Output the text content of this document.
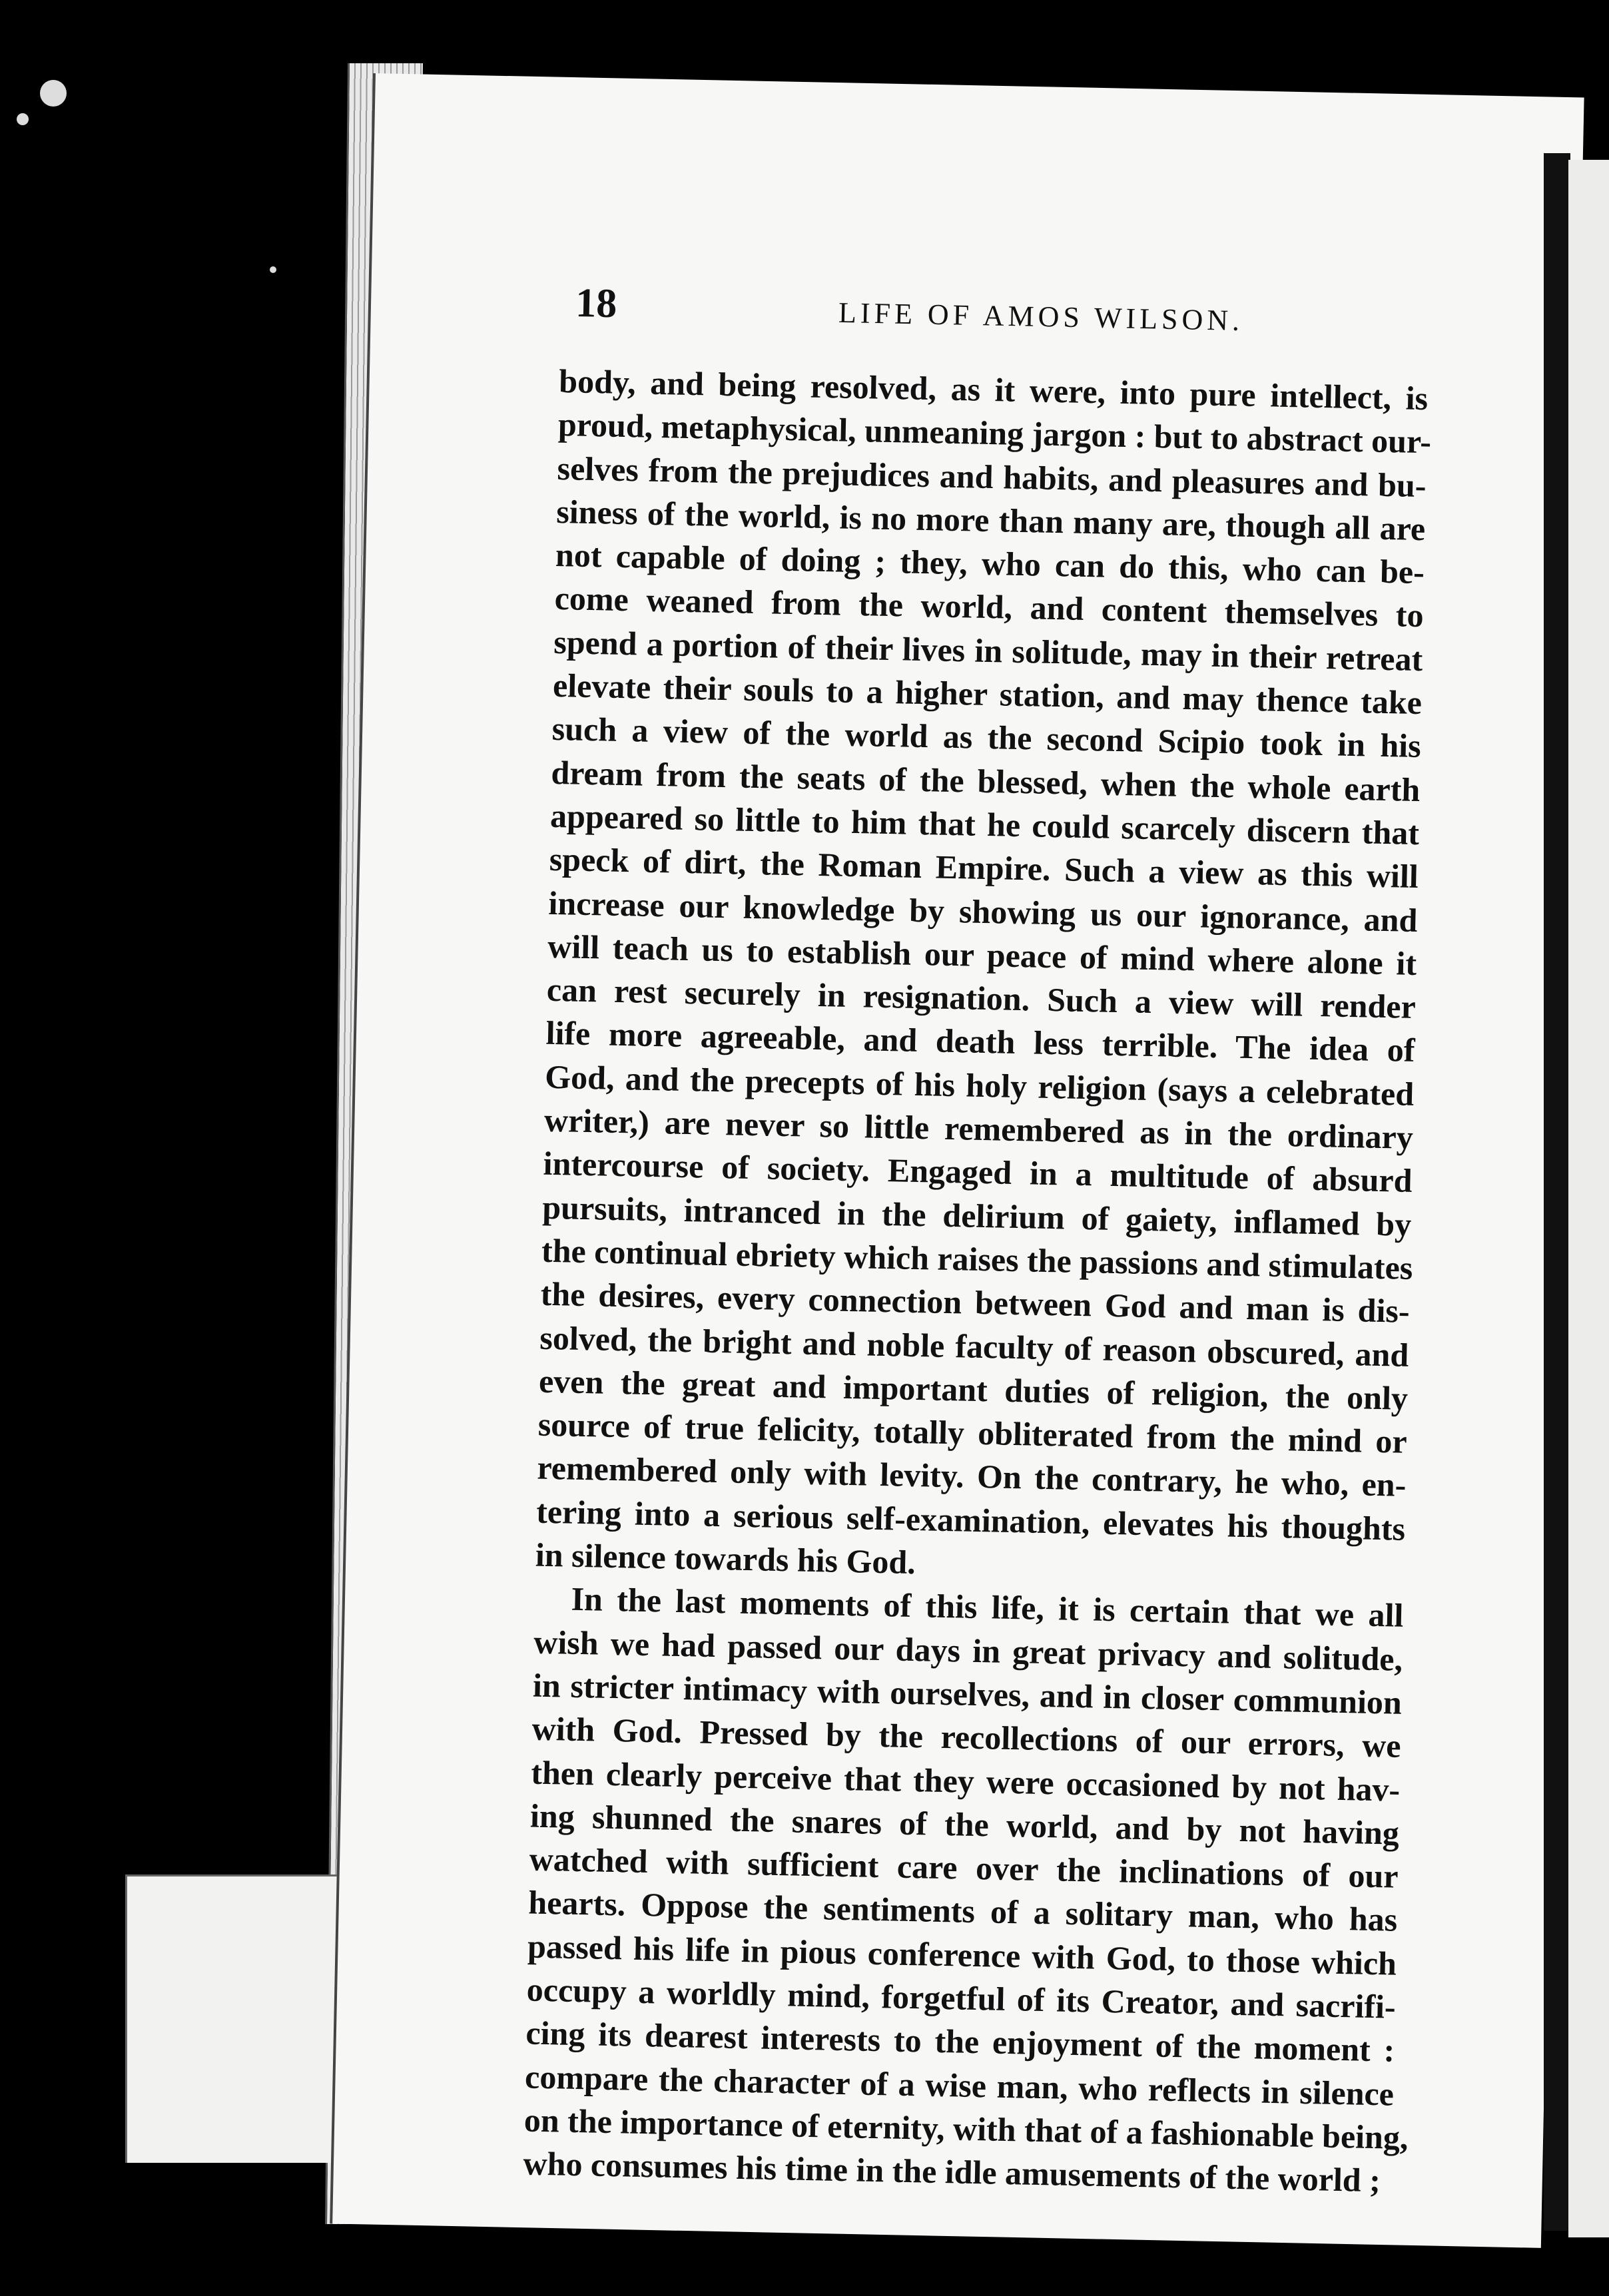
18	LIFE OF AMOS WILSON.
body, and being resolved, as it were, into pure intellect, is
proud, metaphysical, unmeaning jargon : but to abstract our-
selves from the prejudices and habits, and pleasures and bu-
siness of the world, is no more than many are, though all are
not capable of doing ; they, who can do this, who can be-
come weaned from the world, and content themselves to
spend a portion of their lives in solitude, may in their retreat
elevate their souls to a higher station, and may thence take
such a view of the world as the second Scipio took in his
dream from the seats of the blessed, when the whole earth
appeared so little to him that he could scarcely discern that
speck of dirt, the Roman Empire. Such a view as this will
increase our knowledge by showing us our ignorance, and
will teach us to establish our peace of mind where alone it
can rest securely in resignation. Such a view will render
life more agreeable, and death less terrible. The idea of
God, and the precepts of his holy religion (says a celebrated
writer,) are never so little remembered as in the ordinary
intercourse of society. Engaged in a multitude of absurd
pursuits, intranced in the delirium of gaiety, inflamed by
the continual ebriety which raises the passions and stimulates
the desires, every connection between God and man is dis-
solved, the bright and noble faculty of reason obscured, and
even the great and important duties of religion, the only
source of true felicity, totally obliterated from the mind or
remembered only with levity. On the contrary, he who, en-
tering into a serious self-examination, elevates his thoughts
in silence towards his God.
In the last moments of this life, it is certain that we all
wish we had passed our days in great privacy and solitude,
in stricter intimacy with ourselves, and in closer communion
with God. Pressed by the recollections of our errors, we
then clearly perceive that they were occasioned by not hav-
ing shunned the snares of the world, and by not having
watched with sufficient care over the inclinations of our
hearts. Oppose the sentiments of a solitary man, who has
passed his life in pious conference with God, to those which
occupy a worldly mind, forgetful of its Creator, and sacrifi-
cing its dearest interests to the enjoyment of the moment :
compare the character of a wise man, who reflects in silence
on the importance of eternity, with that of a fashionable being,
who consumes his time in the idle amusements of the world ;
